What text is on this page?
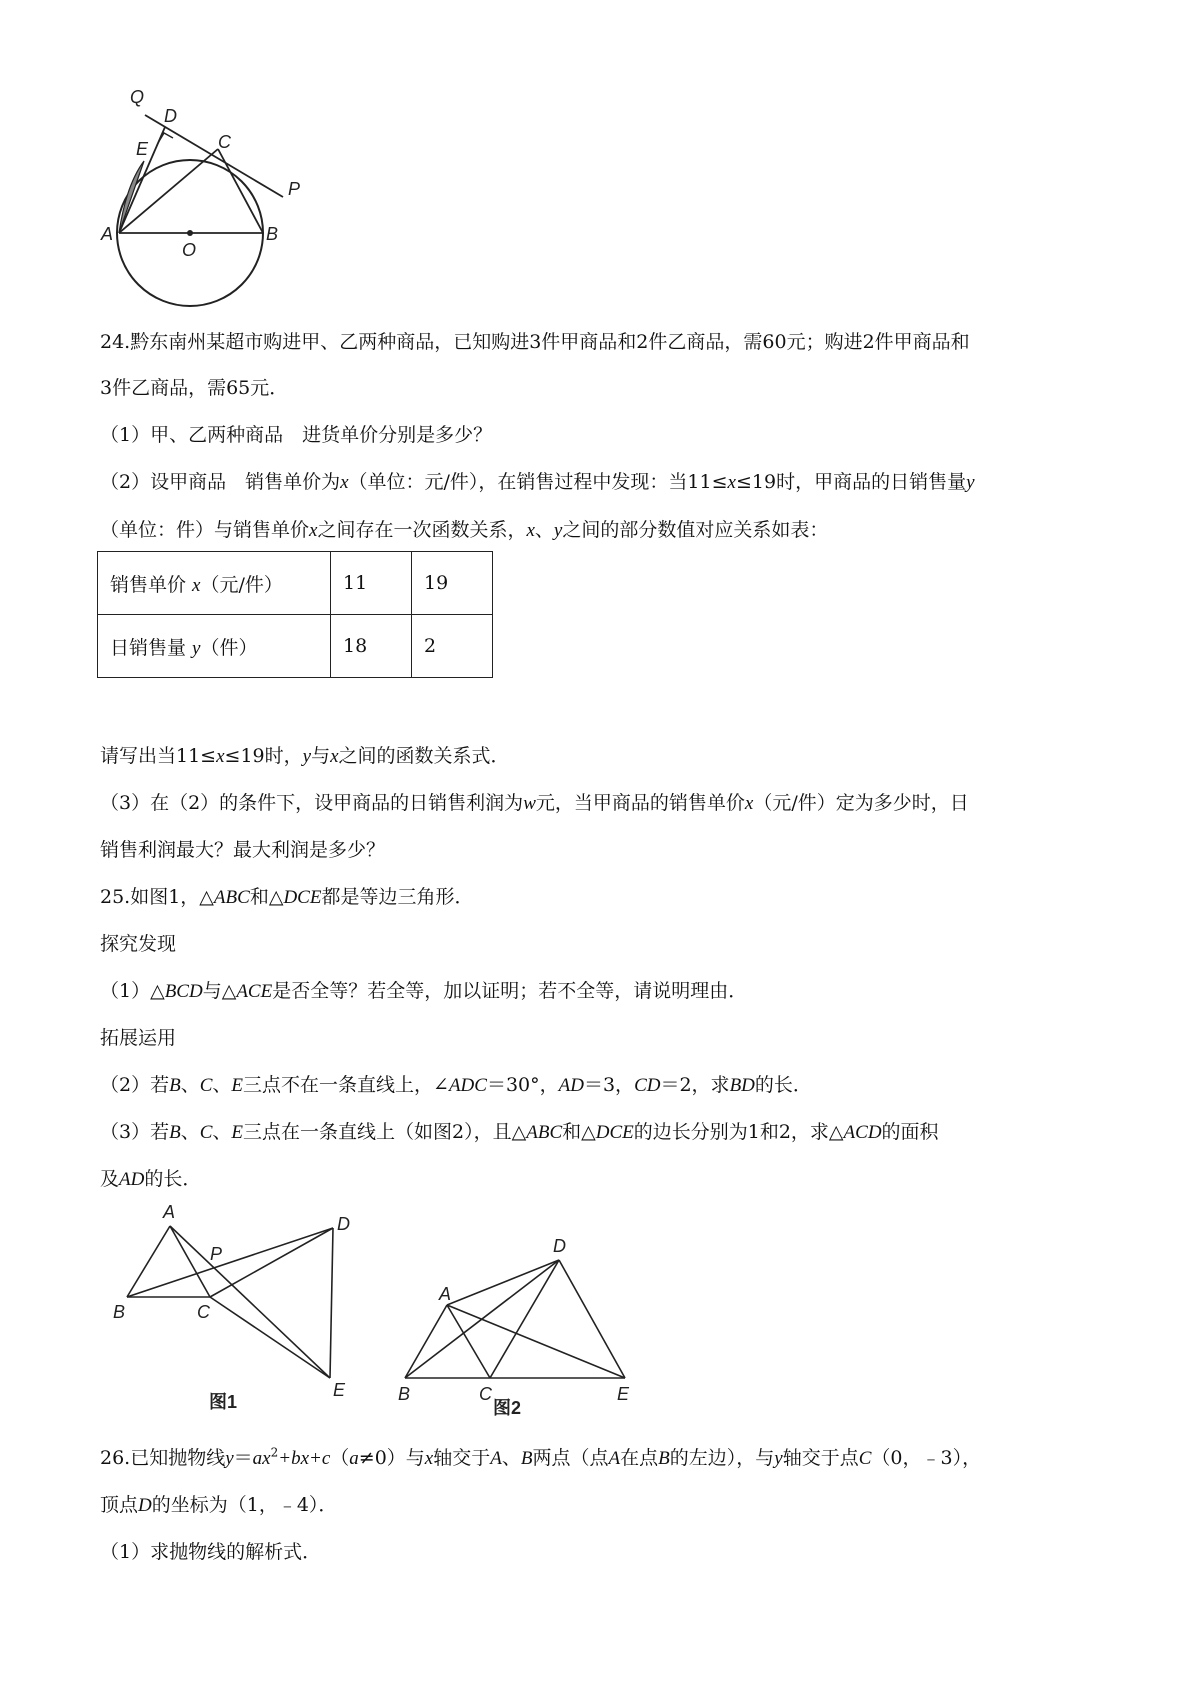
Q
D
E	C
P
A
O
B
24.黔东南州某超市购进甲、乙两种商品，已知购进3件甲商品和2件乙商品，需60元；购进2件甲商品和
3件乙商品，需65元．
（1）甲、乙两种商品　进货单价分别是多少？
（2）设甲商品　销售单价为x（单位：元/件），在销售过程中发现：当11≤x≤19时，甲商品的日销售量y
（单位：件）与销售单价x之间存在一次函数关系，x、y之间的部分数值对应关系如表：
销售单价 x（元/件）	11	19
日销售量 y（件）	18	2
请写出当11≤x≤19时，y与x之间的函数关系式．
（3）在（2）的条件下，设甲商品的日销售利润为w元，当甲商品的销售单价x（元/件）定为多少时，日
销售利润最大？最大利润是多少？
25.如图1，△ABC和△DCE都是等边三角形．
探究发现
（1）△BCD与△ACE是否全等？若全等，加以证明；若不全等，请说明理由．
拓展运用
（2）若B、C、E三点不在一条直线上，∠ADC＝30°，AD＝3，CD＝2，求BD的长．
（3）若B、C、E三点在一条直线上（如图2），且△ABC和△DCE的边长分别为1和2，求△ACD的面积
及AD的长．
A
B	C
D
E
P
图1
A
B	C
D
E
图2
26.已知抛物线$y=ax^2+bx+c(a\ne 0)$与x轴交于A、B两点（点A在点B的左边），与y轴交于点C（0，﹣3），
顶点D的坐标为（1，﹣4）．
（1）求抛物线的解析式．
